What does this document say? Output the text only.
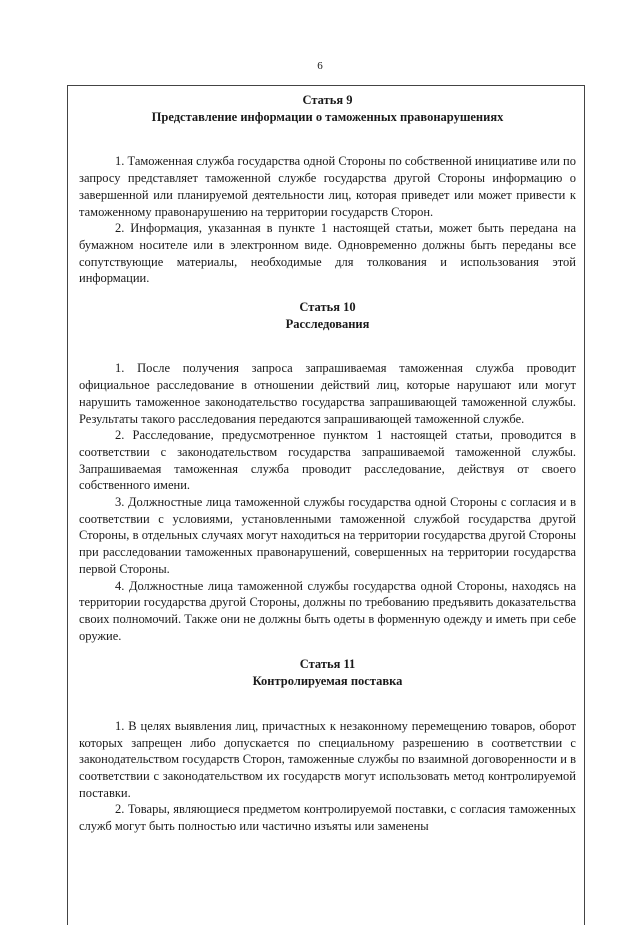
6

Статья 9

Представление информации о таможенных правонарушениях

1. Таможенная служба государства одной Стороны по собственной инициативе или по запросу представляет таможенной службе государства другой Стороны информацию о завершенной или планируемой деятельности лиц, которая приведет или может привести к таможенному правонарушению на территории государств Сторон.

2. Информация, указанная в пункте 1 настоящей статьи, может быть передана на бумажном носителе или в электронном виде. Одновременно должны быть переданы все сопутствующие материалы, необходимые для толкования и использования этой информации.

Статья 10

Расследования

1. После получения запроса запрашиваемая таможенная служба проводит официальное расследование в отношении действий лиц, которые нарушают или могут нарушить таможенное законодательство государства запрашивающей таможенной службы. Результаты такого расследования передаются запрашивающей таможенной службе.

2. Расследование, предусмотренное пунктом 1 настоящей статьи, проводится в соответствии с законодательством государства запрашиваемой таможенной службы. Запрашиваемая таможенная служба проводит расследование, действуя от своего собственного имени.

3. Должностные лица таможенной службы государства одной Стороны с согласия и в соответствии с условиями, установленными таможенной службой государства другой Стороны, в отдельных случаях могут находиться на территории государства другой Стороны при расследовании таможенных правонарушений, совершенных на территории государства первой Стороны.

4. Должностные лица таможенной службы государства одной Стороны, находясь на территории государства другой Стороны, должны по требованию предъявить доказательства своих полномочий. Также они не должны быть одеты в форменную одежду и иметь при себе оружие.

Статья 11

Контролируемая поставка

1. В целях выявления лиц, причастных к незаконному перемещению товаров, оборот которых запрещен либо допускается по специальному разрешению в соответствии с законодательством государств Сторон, таможенные службы по взаимной договоренности и в соответствии с законодательством их государств могут использовать метод контролируемой поставки.

2. Товары, являющиеся предметом контролируемой поставки, с согласия таможенных служб могут быть полностью или частично изъяты или заменены
